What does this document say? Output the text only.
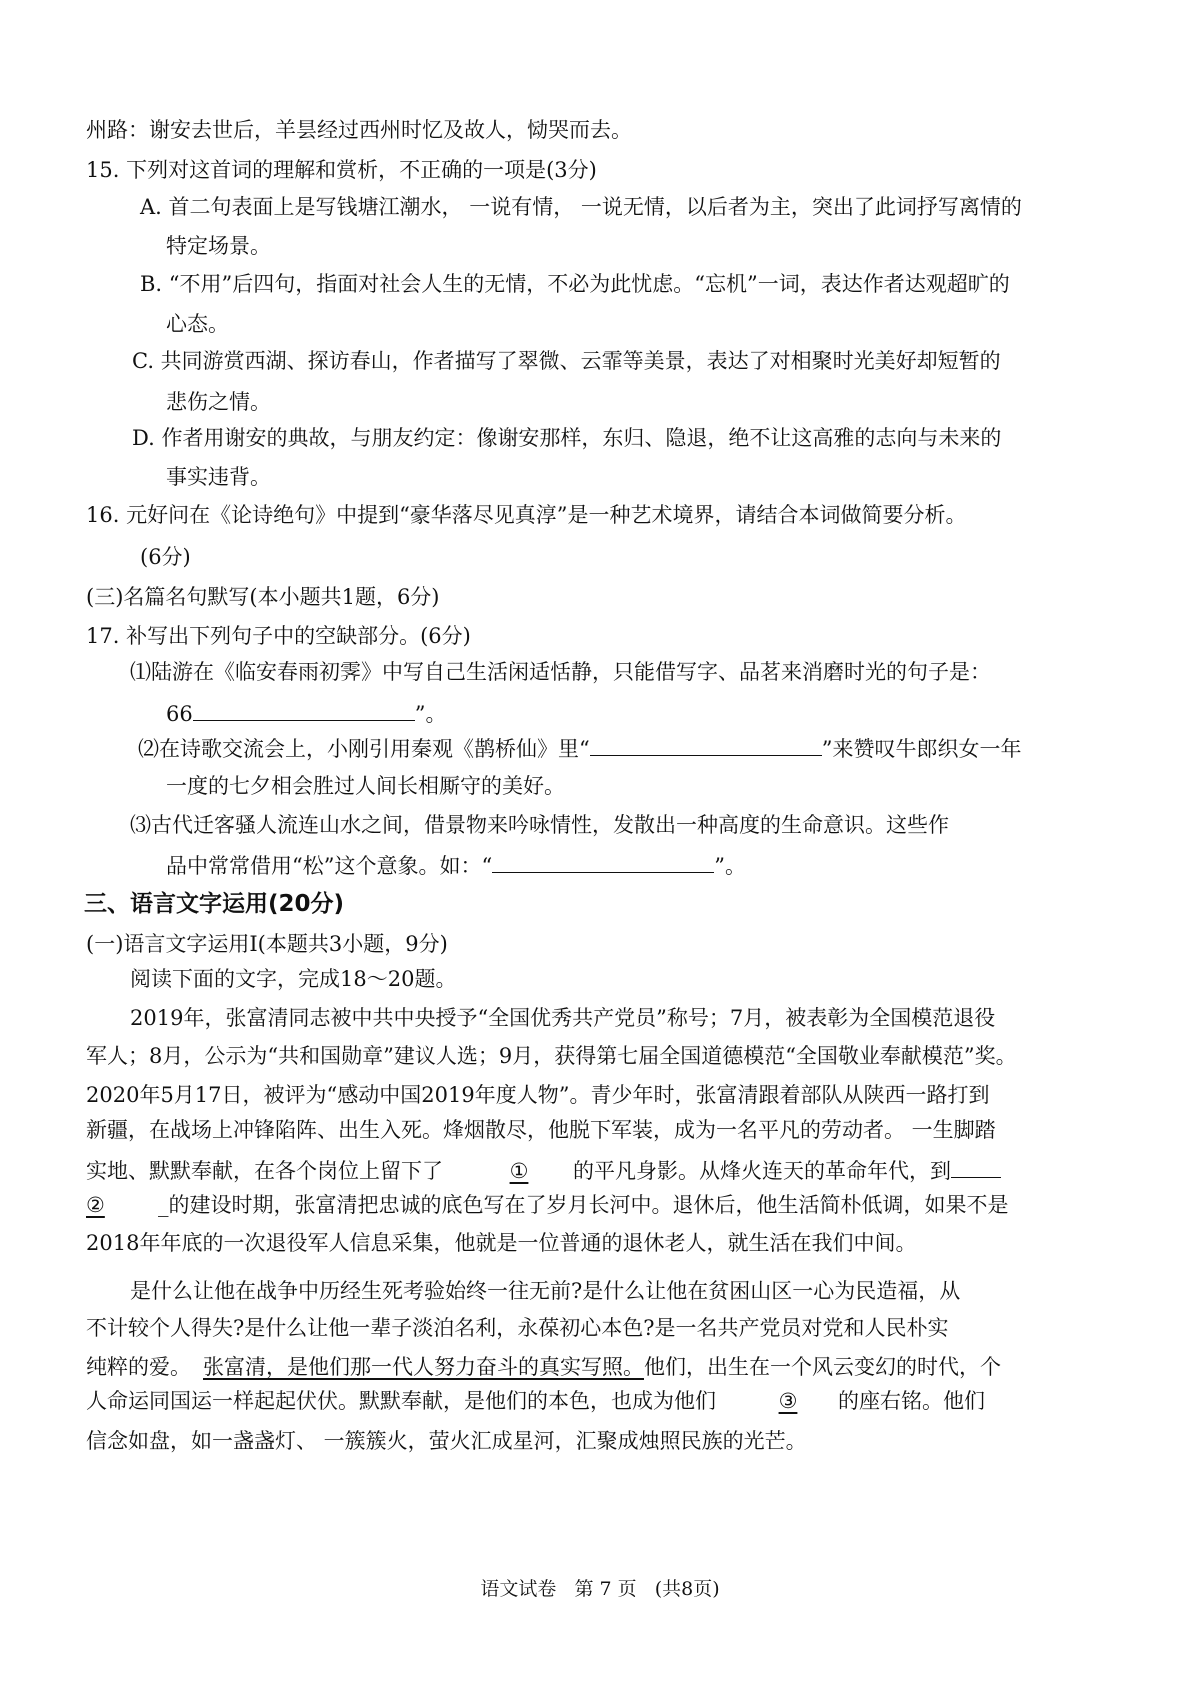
州路：谢安去世后，羊昙经过西州时忆及故人，恸哭而去。
15. 下列对这首词的理解和赏析，不正确的一项是(3分)
A. 首二句表面上是写钱塘江潮水， 一说有情， 一说无情，以后者为主，突出了此词抒写离情的
特定场景。
B. “不用”后四句，指面对社会人生的无情，不必为此忧虑。“忘机”一词，表达作者达观超旷的
心态。
C. 共同游赏西湖、探访春山，作者描写了翠微、云霏等美景，表达了对相聚时光美好却短暂的
悲伤之情。
D. 作者用谢安的典故，与朋友约定：像谢安那样，东归、隐退，绝不让这高雅的志向与未来的
事实违背。
16. 元好问在《论诗绝句》中提到“豪华落尽见真淳”是一种艺术境界，请结合本词做简要分析。
(6分)
(三)名篇名句默写(本小题共1题，6分)
17. 补写出下列句子中的空缺部分。(6分)
⑴陆游在《临安春雨初霁》中写自己生活闲适恬静，只能借写字、品茗来消磨时光的句子是：
66	”。
⑵在诗歌交流会上，小刚引用秦观《鹊桥仙》里“	”来赞叹牛郎织女一年
一度的七夕相会胜过人间长相厮守的美好。
⑶古代迁客骚人流连山水之间，借景物来吟咏情性，发散出一种高度的生命意识。这些作
品中常常借用“松”这个意象。如：“	”。
三、语言文字运用(20分)
(一)语言文字运用Ⅰ(本题共3小题，9分)
阅读下面的文字，完成18～20题。
2019年，张富清同志被中共中央授予“全国优秀共产党员”称号；7月，被表彰为全国模范退役
军人；8月，公示为“共和国勋章”建议人选；9月，获得第七届全国道德模范“全国敬业奉献模范”奖。
2020年5月17日，被评为“感动中国2019年度人物”。青少年时，张富清跟着部队从陕西一路打到
新疆，在战场上冲锋陷阵、出生入死。烽烟散尽，他脱下军装，成为一名平凡的劳动者。 一生脚踏
实地、默默奉献，在各个岗位上留下了	① 的平凡身影。从烽火连天的革命年代，到
②	_的建设时期，张富清把忠诚的底色写在了岁月长河中。退休后，他生活简朴低调，如果不是
2018年年底的一次退役军人信息采集，他就是一位普通的退休老人，就生活在我们中间。
是什么让他在战争中历经生死考验始终一往无前?是什么让他在贫困山区一心为民造福，从
不计较个人得失?是什么让他一辈子淡泊名利，永葆初心本色?是一名共产党员对党和人民朴实
纯粹的爱。 张富清，是他们那一代人努力奋斗的真实写照。他们，出生在一个风云变幻的时代，个
人命运同国运一样起起伏伏。默默奉献，是他们的本色，也成为他们	③ 的座右铭。他们
信念如盘，如一盏盏灯、 一簇簇火，萤火汇成星河，汇聚成烛照民族的光芒。
语文试卷   第 7 页   (共8页)
